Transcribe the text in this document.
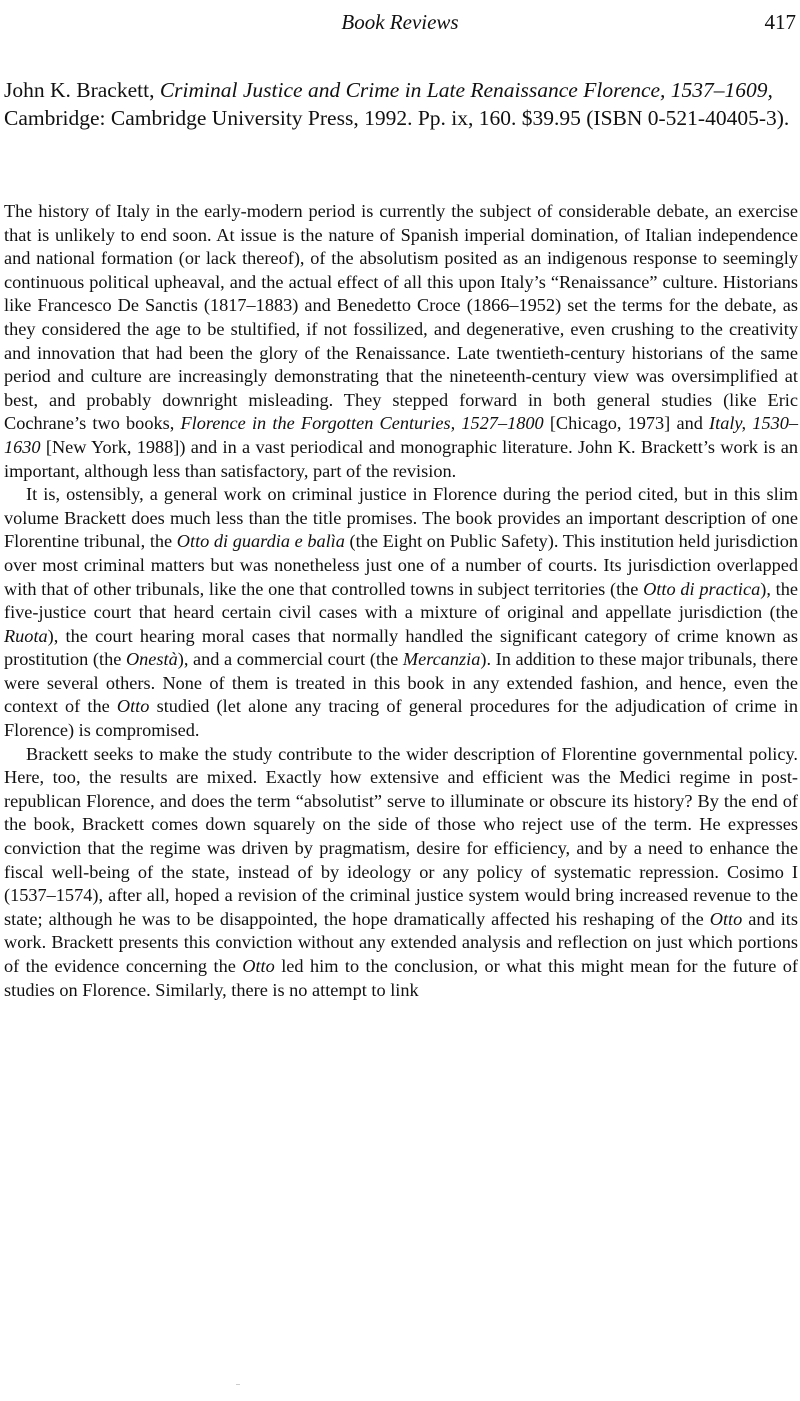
Book Reviews	417
John K. Brackett, Criminal Justice and Crime in Late Renaissance Florence, 1537–1609, Cambridge: Cambridge University Press, 1992. Pp. ix, 160. $39.95 (ISBN 0-521-40405-3).

The history of Italy in the early-modern period is currently the subject of considerable debate, an exercise that is unlikely to end soon. At issue is the nature of Spanish imperial domination, of Italian independence and national formation (or lack thereof), of the absolutism posited as an indigenous response to seemingly continuous political upheaval, and the actual effect of all this upon Italy’s “Renaissance” culture. Historians like Francesco De Sanctis (1817–1883) and Benedetto Croce (1866–1952) set the terms for the debate, as they considered the age to be stultified, if not fossilized, and degenerative, even crushing to the creativity and innovation that had been the glory of the Renaissance. Late twentieth-century historians of the same period and culture are increasingly demonstrating that the nineteenth-century view was oversimplified at best, and probably downright misleading. They stepped forward in both general studies (like Eric Cochrane’s two books, Florence in the Forgotten Centuries, 1527–1800 [Chicago, 1973] and Italy, 1530–1630 [New York, 1988]) and in a vast periodical and monographic literature. John K. Brackett’s work is an important, although less than satisfactory, part of the revision.

It is, ostensibly, a general work on criminal justice in Florence during the period cited, but in this slim volume Brackett does much less than the title promises. The book provides an important description of one Florentine tribunal, the Otto di guardia e balìa (the Eight on Public Safety). This institution held jurisdiction over most criminal matters but was nonetheless just one of a number of courts. Its jurisdiction overlapped with that of other tribunals, like the one that controlled towns in subject territories (the Otto di practica), the five-justice court that heard certain civil cases with a mixture of original and appellate jurisdiction (the Ruota), the court hearing moral cases that normally handled the significant category of crime known as prostitution (the Onestà), and a commercial court (the Mercanzia). In addition to these major tribunals, there were several others. None of them is treated in this book in any extended fashion, and hence, even the context of the Otto studied (let alone any tracing of general procedures for the adjudication of crime in Florence) is compromised.

Brackett seeks to make the study contribute to the wider description of Florentine governmental policy. Here, too, the results are mixed. Exactly how extensive and efficient was the Medici regime in post-republican Florence, and does the term “absolutist” serve to illuminate or obscure its history? By the end of the book, Brackett comes down squarely on the side of those who reject use of the term. He expresses conviction that the regime was driven by pragmatism, desire for efficiency, and by a need to enhance the fiscal well-being of the state, instead of by ideology or any policy of systematic repression. Cosimo I (1537–1574), after all, hoped a revision of the criminal justice system would bring increased revenue to the state; although he was to be disappointed, the hope dramatically affected his reshaping of the Otto and its work. Brackett presents this conviction without any extended analysis and reflection on just which portions of the evidence concerning the Otto led him to the conclusion, or what this might mean for the future of studies on Florence. Similarly, there is no attempt to link
